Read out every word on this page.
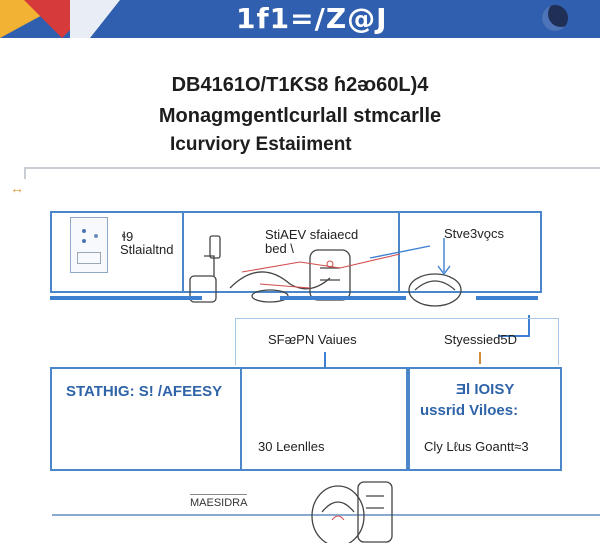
1f1=/Z@J
DB4161O/T1ƘS8 ɦ2ᴔ60L)4
Monagmgentlcurlall stmcarlle
Icurviory Estaiiment
↔
ɬ9
Stlaialtnd
StiAEV sfaiaecd
bed \
Stve3vo̧cs
SFᴂPN Vaiues	Styessied5D
STATHIG: S! /AFEESY
30 Leenlles
Ǝl IOISY
ussrid Viloes:
Cly Lℓus Goantt≈3
MAESIDRA
